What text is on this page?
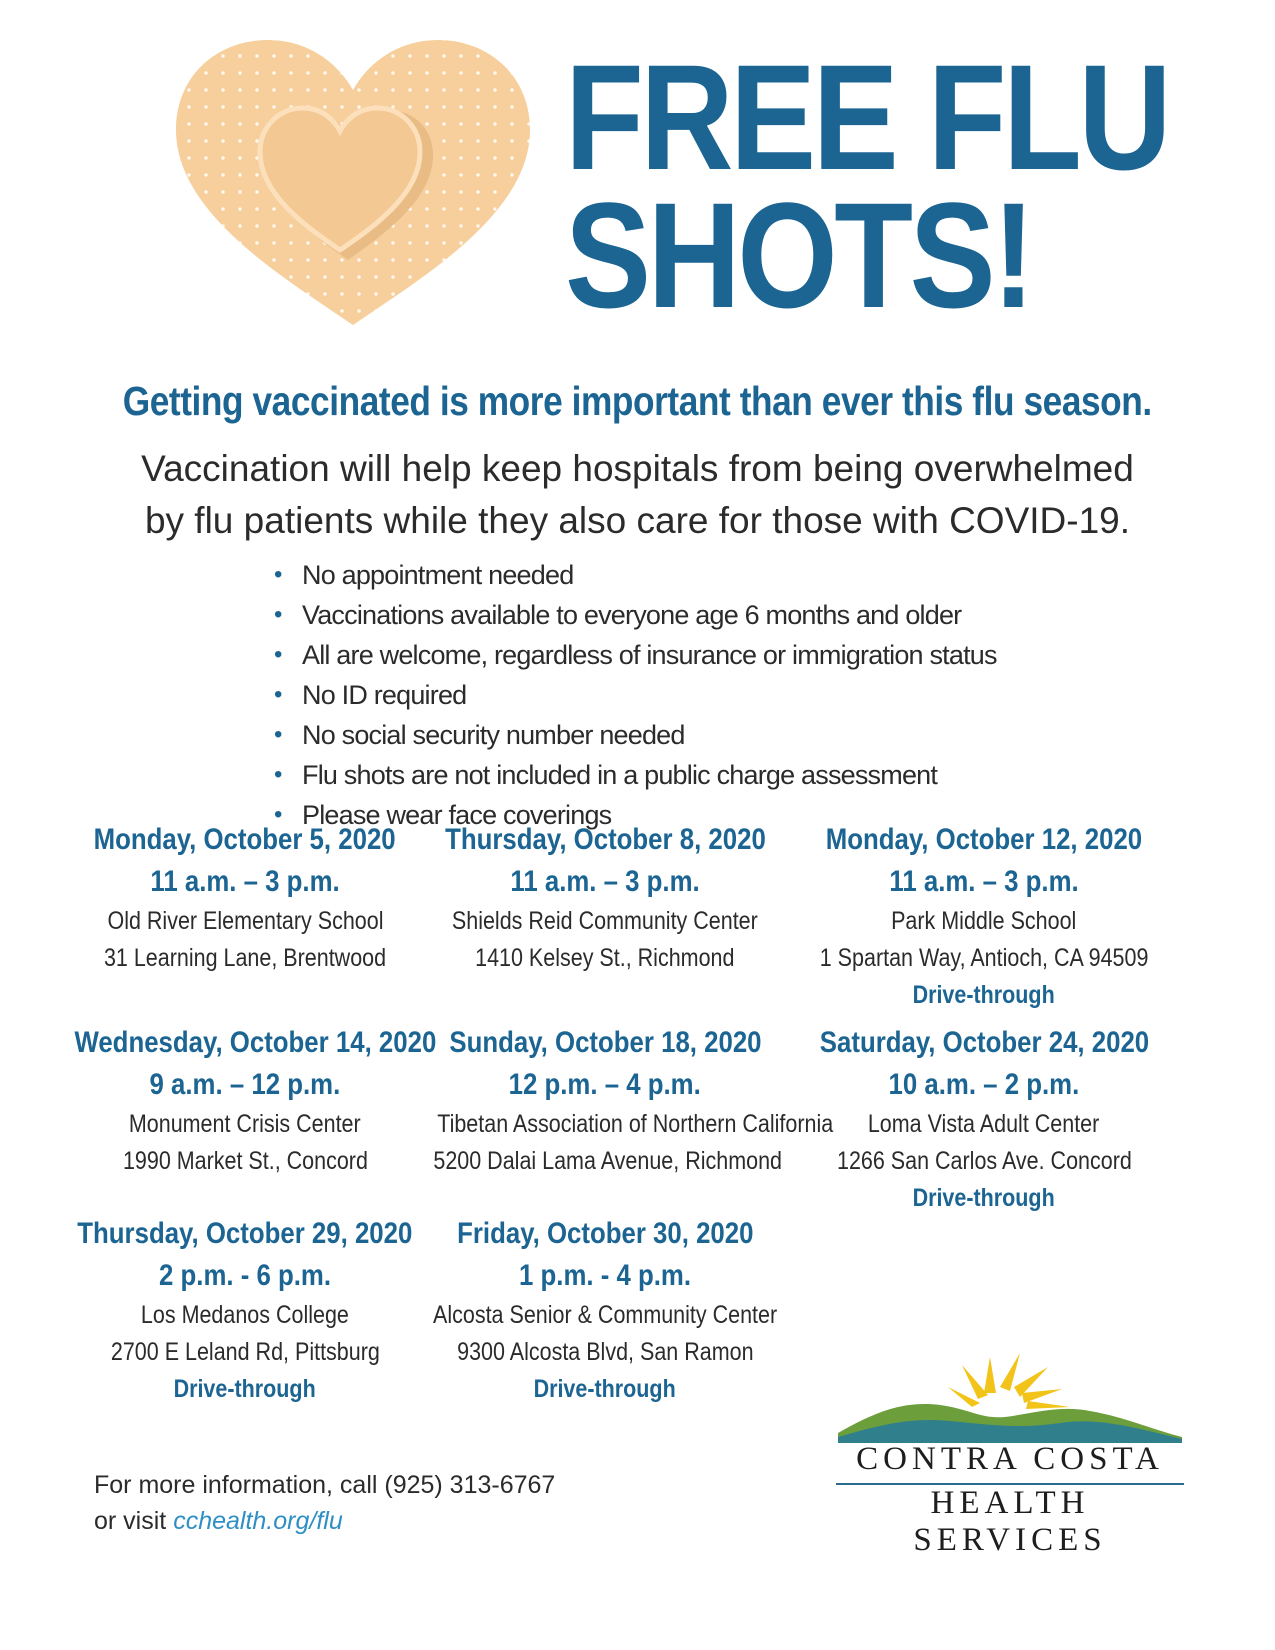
FREE FLU
SHOTS!
Getting vaccinated is more important than ever this flu season.
Vaccination will help keep hospitals from being overwhelmed
by flu patients while they also care for those with COVID-19.
• No appointment needed
• Vaccinations available to everyone age 6 months and older
• All are welcome, regardless of insurance or immigration status
• No ID required
• No social security number needed
• Flu shots are not included in a public charge assessment
• Please wear face coverings
Monday, October 5, 2020
11 a.m. – 3 p.m.
Old River Elementary School
31 Learning Lane, Brentwood
Thursday, October 8, 2020
11 a.m. – 3 p.m.
Shields Reid Community Center
1410 Kelsey St., Richmond
Monday, October 12, 2020
11 a.m. – 3 p.m.
Park Middle School
1 Spartan Way, Antioch, CA 94509
Drive-through
Wednesday, October 14, 2020
9 a.m. – 12 p.m.
Monument Crisis Center
1990 Market St., Concord
Sunday, October 18, 2020
12 p.m. – 4 p.m.
Tibetan Association of Northern California
5200 Dalai Lama Avenue, Richmond
Saturday, October 24, 2020
10 a.m. – 2 p.m.
Loma Vista Adult Center
1266 San Carlos Ave. Concord
Drive-through
Thursday, October 29, 2020
2 p.m. - 6 p.m.
Los Medanos College
2700 E Leland Rd, Pittsburg
Drive-through
Friday, October 30, 2020
1 p.m. - 4 p.m.
Alcosta Senior & Community Center
9300 Alcosta Blvd, San Ramon
Drive-through
For more information, call (925) 313-6767
or visit cchealth.org/flu
CONTRA COSTA
HEALTH SERVICES
